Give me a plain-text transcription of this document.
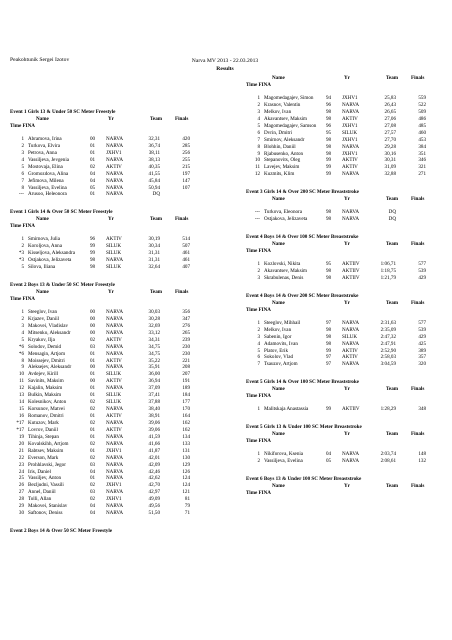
Peakohtunik Sergei Izotov	Narva MV 2013 - 22.03.2013
Results
Event 1 Girls 13 & Under 50 SC Meter Freestyle
Name	Yr	Team	Finals
Time FINA
1 Abramova, Irina	00 NARVA	32,31	420
2 Turkova, Elvira	01 NARVA	36,74	285
3 Petrova, Anna	01 JXHV1	38,11	256
4 Vassiljeva, Jevgenia	01 NARVA	38,13	255
5 Mostovaja, Elina	02 AKTIV	40,35	215
6 Gromozdova, Alina	04 NARVA	41,55	197
7 Jefimova, Milena	04 NARVA	45,84	147
8 Vassiljeva, Evelina	05 NARVA	50,94	107
--- Arusoo, Heleonora	01 NARVA	DQ
Event 1 Girls 14 & Over 50 SC Meter Freestyle
Name	Yr	Team	Finals
Time FINA
1 Smirnova, Julia	96 AKTIV	30,19	514
2 Koroljova, Anna	99 SILUK	30,34	507
*3 Kisseljova, Aleksandra	99 SILUK	31,31	461
*3 Ostjakova, Jelizaveta	98 NARVA	31,31	461
5 Silova, Iliana	98 SILUK	32,64	407
Event 2 Boys 13 & Under 50 SC Meter Freestyle
Name	Yr	Team	Finals
Time FINA
1 Steeglov, Ivan	00 NARVA	30,03	356
2 Krjazev, Daniil	00 NARVA	30,28	347
3 Makovei, Vladislav	00 NARVA	32,69	276
4 Mitsenko, Aleksandr	00 NARVA	33,12	265
5 Kryakov, Ilja	02 AKTIV	34,31	239
*6 Solodov, Demid	03 NARVA	34,75	230
*6 Mensagin, Artjom	01 NARVA	34,75	230
8 Moissejev, Dmitri	01 AKTIV	35,22	221
9 Aleksejev, Aleksandr	00 NARVA	35,91	208
10 Avdejev, Kirill	01 SILUK	36,00	207
11 Savinits, Maksim	00 AKTIV	36,94	191
12 Kajalin, Maksim	01 NARVA	37,09	189
13 Bulkin, Maksim	01 SILUK	37,41	184
14 Kolesnikov, Anton	02 SILUK	37,88	177
15 Korsunov, Matvei	02 NARVA	38,40	170
16 Romanov, Dmitri	01 AKTIV	38,91	164
*17 Kutuzov, Mark	02 NARVA	39,06	162
*17 Lovrov, Daniil	01 AKTIV	39,06	162
19 Tihinja, Stepan	01 NARVA	41,59	134
20 Kovalskihh, Artjom	02 NARVA	41,66	133
21 Rabtsev, Maksim	01 JXHV1	41,87	131
22 Everson, Mark	02 NARVA	42,01	130
23 Prohhlavski, Jegor	03 NARVA	42,09	129
24 Iris, Daniel	04 NARVA	42,46	126
25 Vassiljev, Anton	01 NARVA	42,62	124
26 Bezljudni, Vassili	02 JXHV1	42,70	124
27 Annel, Daniil	03 NARVA	42,97	121
28 Tolli, Allan	02 JXHV1	49,09	81
29 Makovei, Stanislav	04 NARVA	49,56	79
30 Saftonov, Deniss	04 NARVA	51,50	71
Event 2 Boys 14 & Over 50 SC Meter Freestyle
Name	Yr	Team	Finals
Time FINA
1 Magomedagajev, Simon 94 JXHV1	25,83	559
2 Krasnov, Valentin	96 NARVA	26,43	522
3 Melkov, Ivan	98 NARVA	26,65	509
4 Akavantsev, Maksim	98 AKTIV	27,06	486
5 Magomedagajev, Samson 96 JXHV1	27,08	485
6 Dvrin, Dmitri	95 SILUK	27,57	460
7 Smirnov, Aleksandr	98 JXHV1	27,70	453
8 Blohhin, Daniil	98 NARVA	29,28	384
9 Rjabusenko, Anton	98 JXHV1	30,16	351
10 Stepanovits, Oleg	99 AKTIV	30,31	346
11 Lavejev, Maksim	99 AKTIV	31,09	321
12 Kuzmits, Klim	99 NARVA	32,88	271
Event 3 Girls 14 & Over 200 SC Meter Breaststroke
Name	Yr	Team	Finals
--- Turkova, Eleonora	98 NARVA	DQ
--- Ostjakova, Jelizaveta	98 NARVA	DQ
Event 4 Boys 14 & Over 100 SC Meter Breaststroke
Name	Yr	Team	Finals
Time FINA
1 Kozlovski, Nikita	95 AKTIIV	1:06,71	577
2 Akavantsev, Maksim	98 AKTIIV	1:18,75	539
3 Skrabulenas, Denis	98 AKTIIV	1:21,79	429
Event 4 Boys 14 & Over 200 SC Meter Breaststroke
Name	Yr	Team	Finals
Time FINA
1 Steeglov, Mihhail	97 NARVA	2:31,63	577
2 Melkov, Ivan	98 NARVA	2:35,09	539
3 Sabenin, Igor	98 SILUK	2:47,32	429
4 Adamovits, Ivan	98 NARVA	2:47,91	425
5 Platov, Erik	99 AKTIV	2:52,90	389
6 Sokolov, Vlad	97 AKTIV	2:58,03	357
7 Tsauzov, Artjom	97 NARVA	3:04,59	320
Event 5 Girls 14 & Over 100 SC Meter Breaststroke
Name	Yr	Team	Finals
Time FINA
1 Malitskaja Anastassia	99 AKTIIV	1:28,29	348
Event 5 Girls 13 & Under 100 SC Meter Breaststroke
Name	Yr	Team	Finals
Time FINA
1 Nikiforova, Ksenia	04 NARVA	2:03,74	148
2 Vassiljeva, Evelina	05 NARVA	2:08,61	132
Event 6 Boys 13 & Under 100 SC Meter Breaststroke
Name	Yr	Team	Finals
Time FINA
